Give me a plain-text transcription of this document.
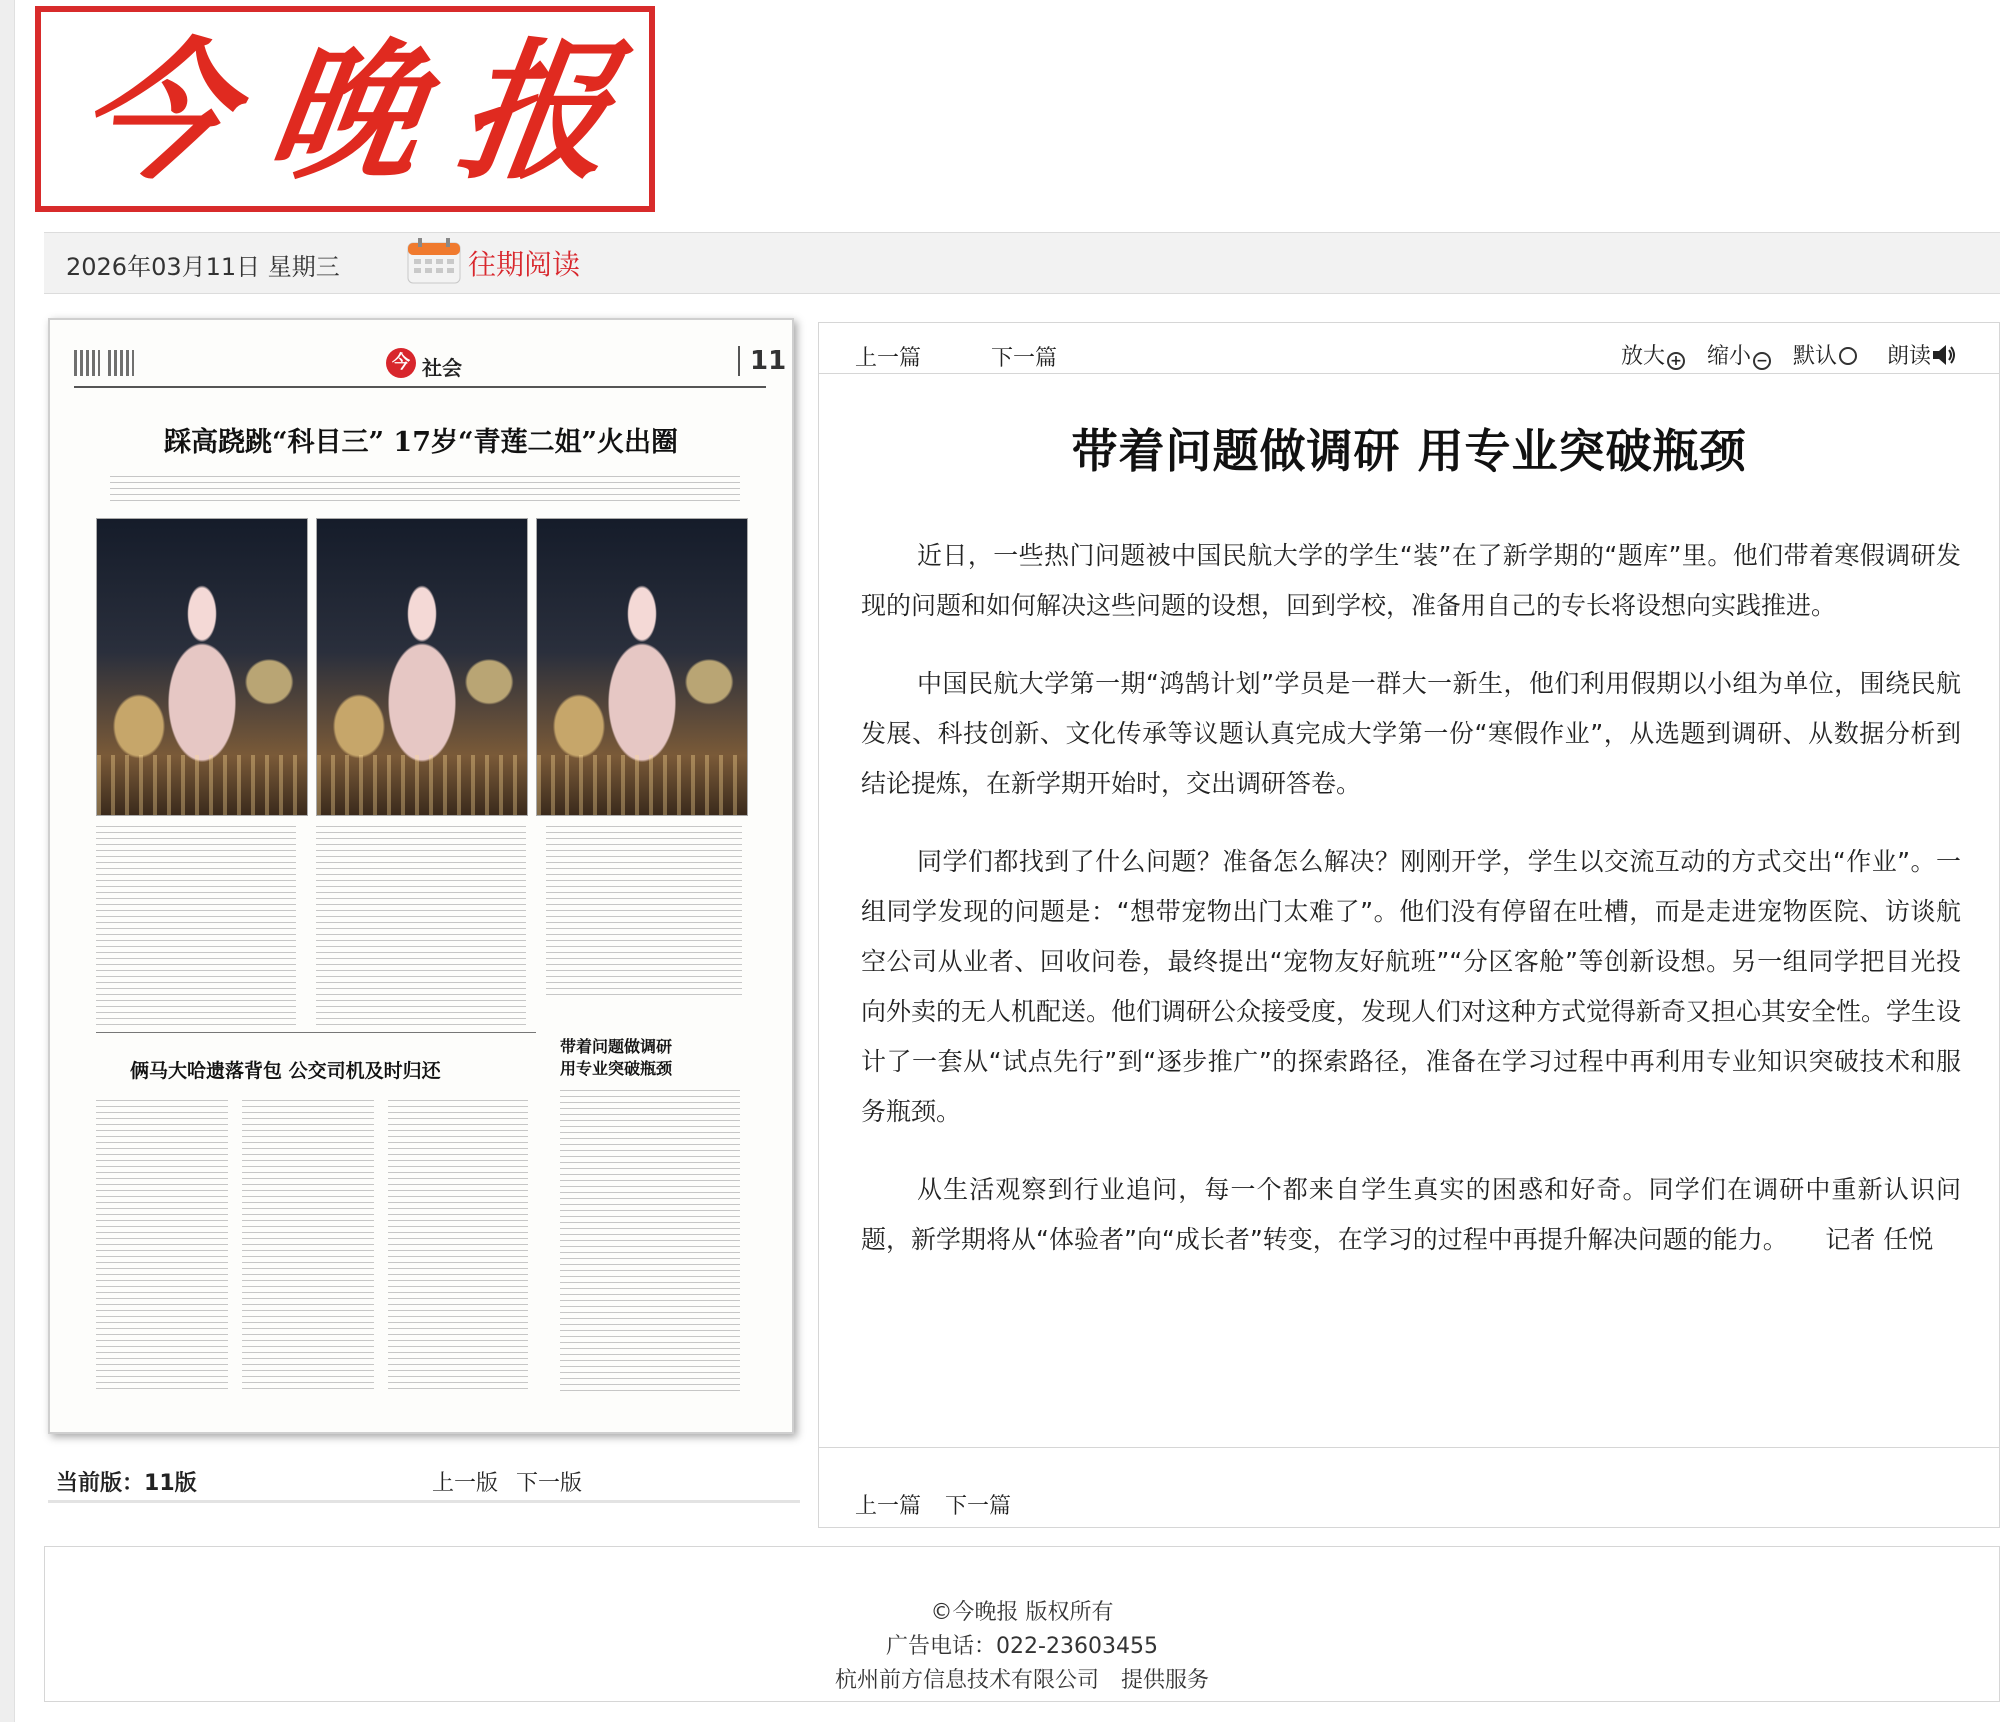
今晚报
2026年03月11日 星期三	往期阅读
今 社会	11
踩高跷跳“科目三” 17岁“青莲二姐”火出圈
俩马大哈遗落背包 公交司机及时归还
带着问题做调研
用专业突破瓶颈
当前版：11版	上一版 下一版
上一篇	下一篇	放大 + 缩小 − 默认	朗读
带着问题做调研 用专业突破瓶颈

近日，一些热门问题被中国民航大学的学生“装”在了新学期的“题库”里。他们带着寒假调研发现的问题和如何解决这些问题的设想，回到学校，准备用自己的专长将设想向实践推进。

中国民航大学第一期“鸿鹄计划”学员是一群大一新生，他们利用假期以小组为单位，围绕民航发展、科技创新、文化传承等议题认真完成大学第一份“寒假作业”，从选题到调研、从数据分析到结论提炼，在新学期开始时，交出调研答卷。

同学们都找到了什么问题？准备怎么解决？刚刚开学，学生以交流互动的方式交出“作业”。一组同学发现的问题是：“想带宠物出门太难了”。他们没有停留在吐槽，而是走进宠物医院、访谈航空公司从业者、回收问卷，最终提出“宠物友好航班”“分区客舱”等创新设想。另一组同学把目光投向外卖的无人机配送。他们调研公众接受度，发现人们对这种方式觉得新奇又担心其安全性。学生设计了一套从“试点先行”到“逐步推广”的探索路径，准备在学习过程中再利用专业知识突破技术和服务瓶颈。

从生活观察到行业追问，每一个都来自学生真实的困惑和好奇。同学们在调研中重新认识问题，新学期将从“体验者”向“成长者”转变，在学习的过程中再提升解决问题的能力。　　记者 任悦

上一篇 下一篇
©今晚报 版权所有
广告电话：022-23603455
杭州前方信息技术有限公司　提供服务
